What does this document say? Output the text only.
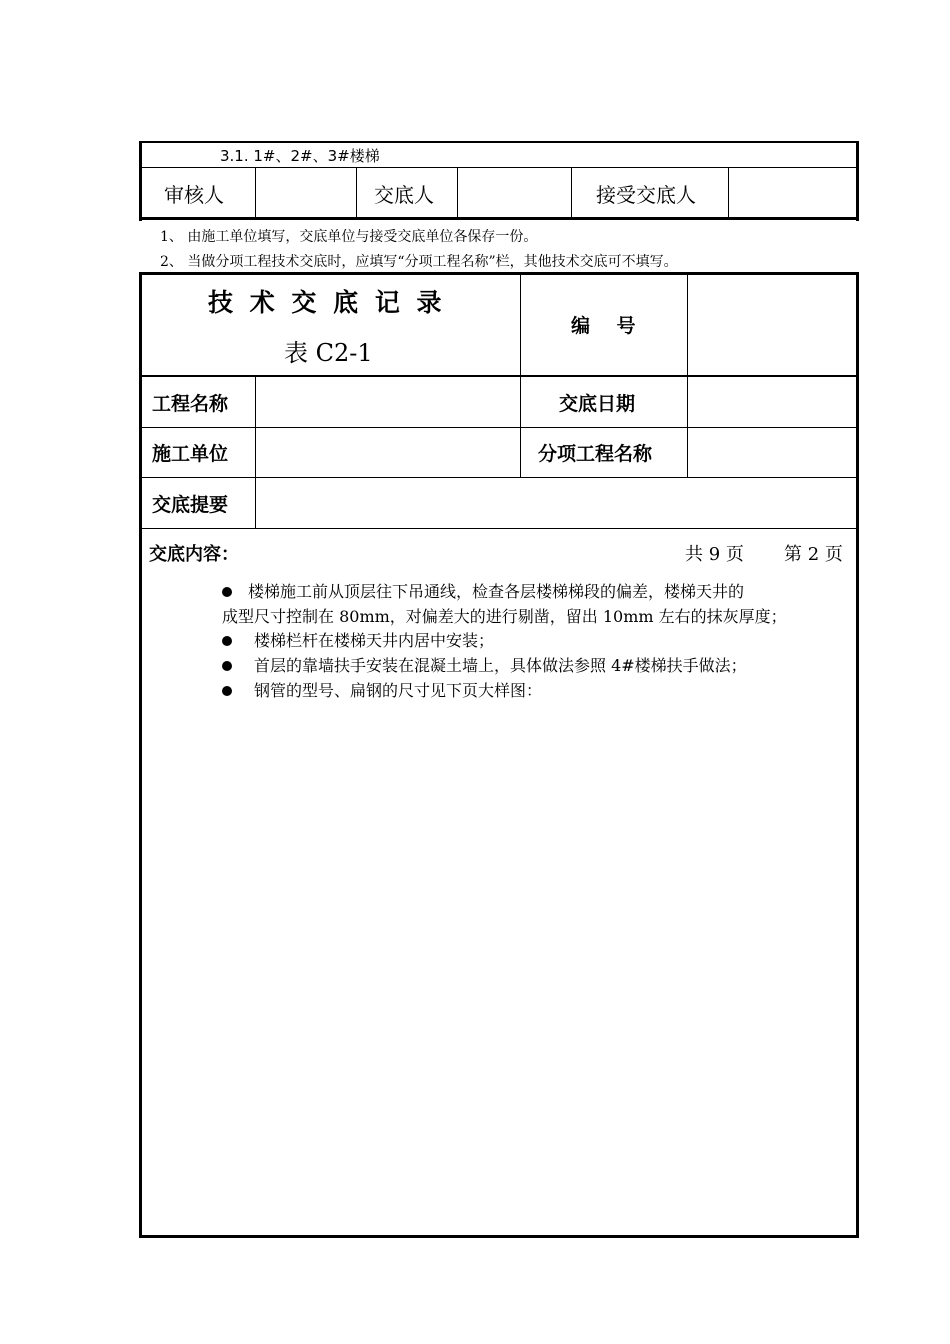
3.1. 1#、2#、3#楼梯
审核人	交底人	接受交底人
1、 由施工单位填写，交底单位与接受交底单位各保存一份。
2、 当做分项工程技术交底时，应填写“分项工程名称”栏，其他技术交底可不填写。
技 术 交 底 记 录
表 C2-1
编    号
工程名称	交底日期
施工单位	分项工程名称
交底提要
交底内容：	共 9 页 第 2 页
楼梯施工前从顶层往下吊通线，检查各层楼梯梯段的偏差，楼梯天井的
成型尺寸控制在 80mm，对偏差大的进行剔凿，留出 10mm 左右的抹灰厚度；
楼梯栏杆在楼梯天井内居中安装；
首层的靠墙扶手安装在混凝土墙上，具体做法参照 4#楼梯扶手做法；
钢管的型号、扁钢的尺寸见下页大样图：
